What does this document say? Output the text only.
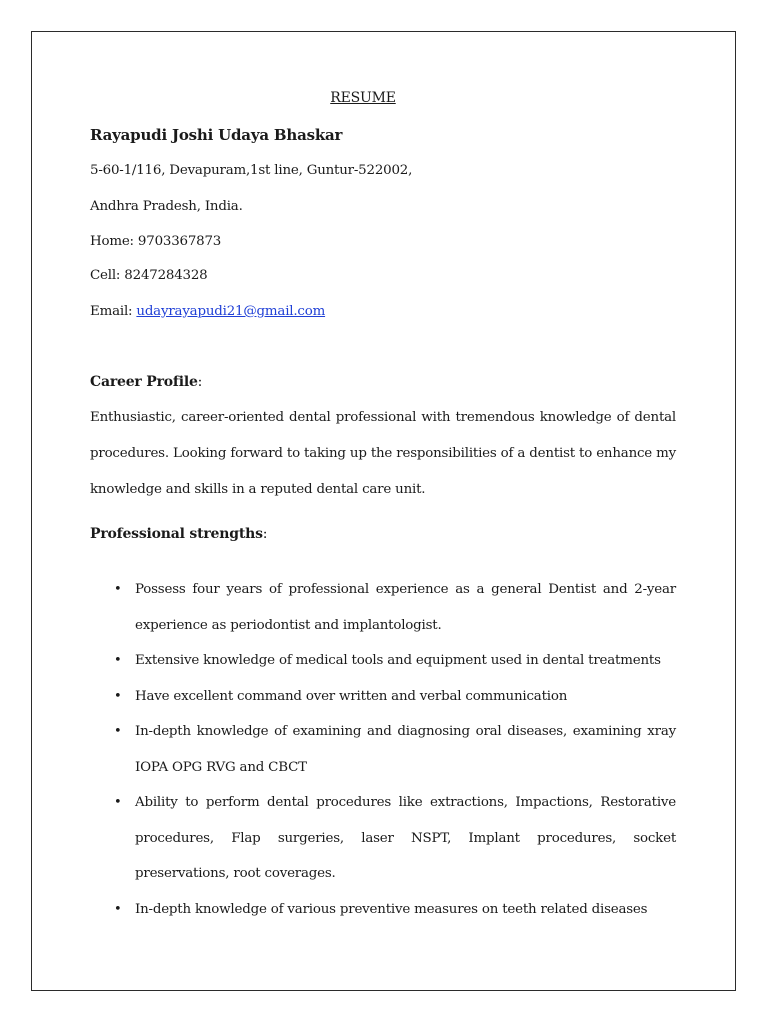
RESUME
Rayapudi Joshi Udaya Bhaskar
5-60-1/116, Devapuram,1st line, Guntur-522002,
Andhra Pradesh, India.
Home: 9703367873
Cell: 8247284328
Email: udayrayapudi21@gmail.com
Career Profile:
Enthusiastic, career-oriented dental professional with tremendous knowledge of dental procedures. Looking forward to taking up the responsibilities of a dentist to enhance my knowledge and skills in a reputed dental care unit.
Professional strengths:
• Possess four years of professional experience as a general Dentist and 2-year experience as periodontist and implantologist.
• Extensive knowledge of medical tools and equipment used in dental treatments
• Have excellent command over written and verbal communication
• In-depth knowledge of examining and diagnosing oral diseases, examining xray IOPA OPG RVG and CBCT
• Ability to perform dental procedures like extractions, Impactions, Restorative procedures, Flap surgeries, laser NSPT, Implant procedures, socket preservations, root coverages.
• In-depth knowledge of various preventive measures on teeth related diseases
